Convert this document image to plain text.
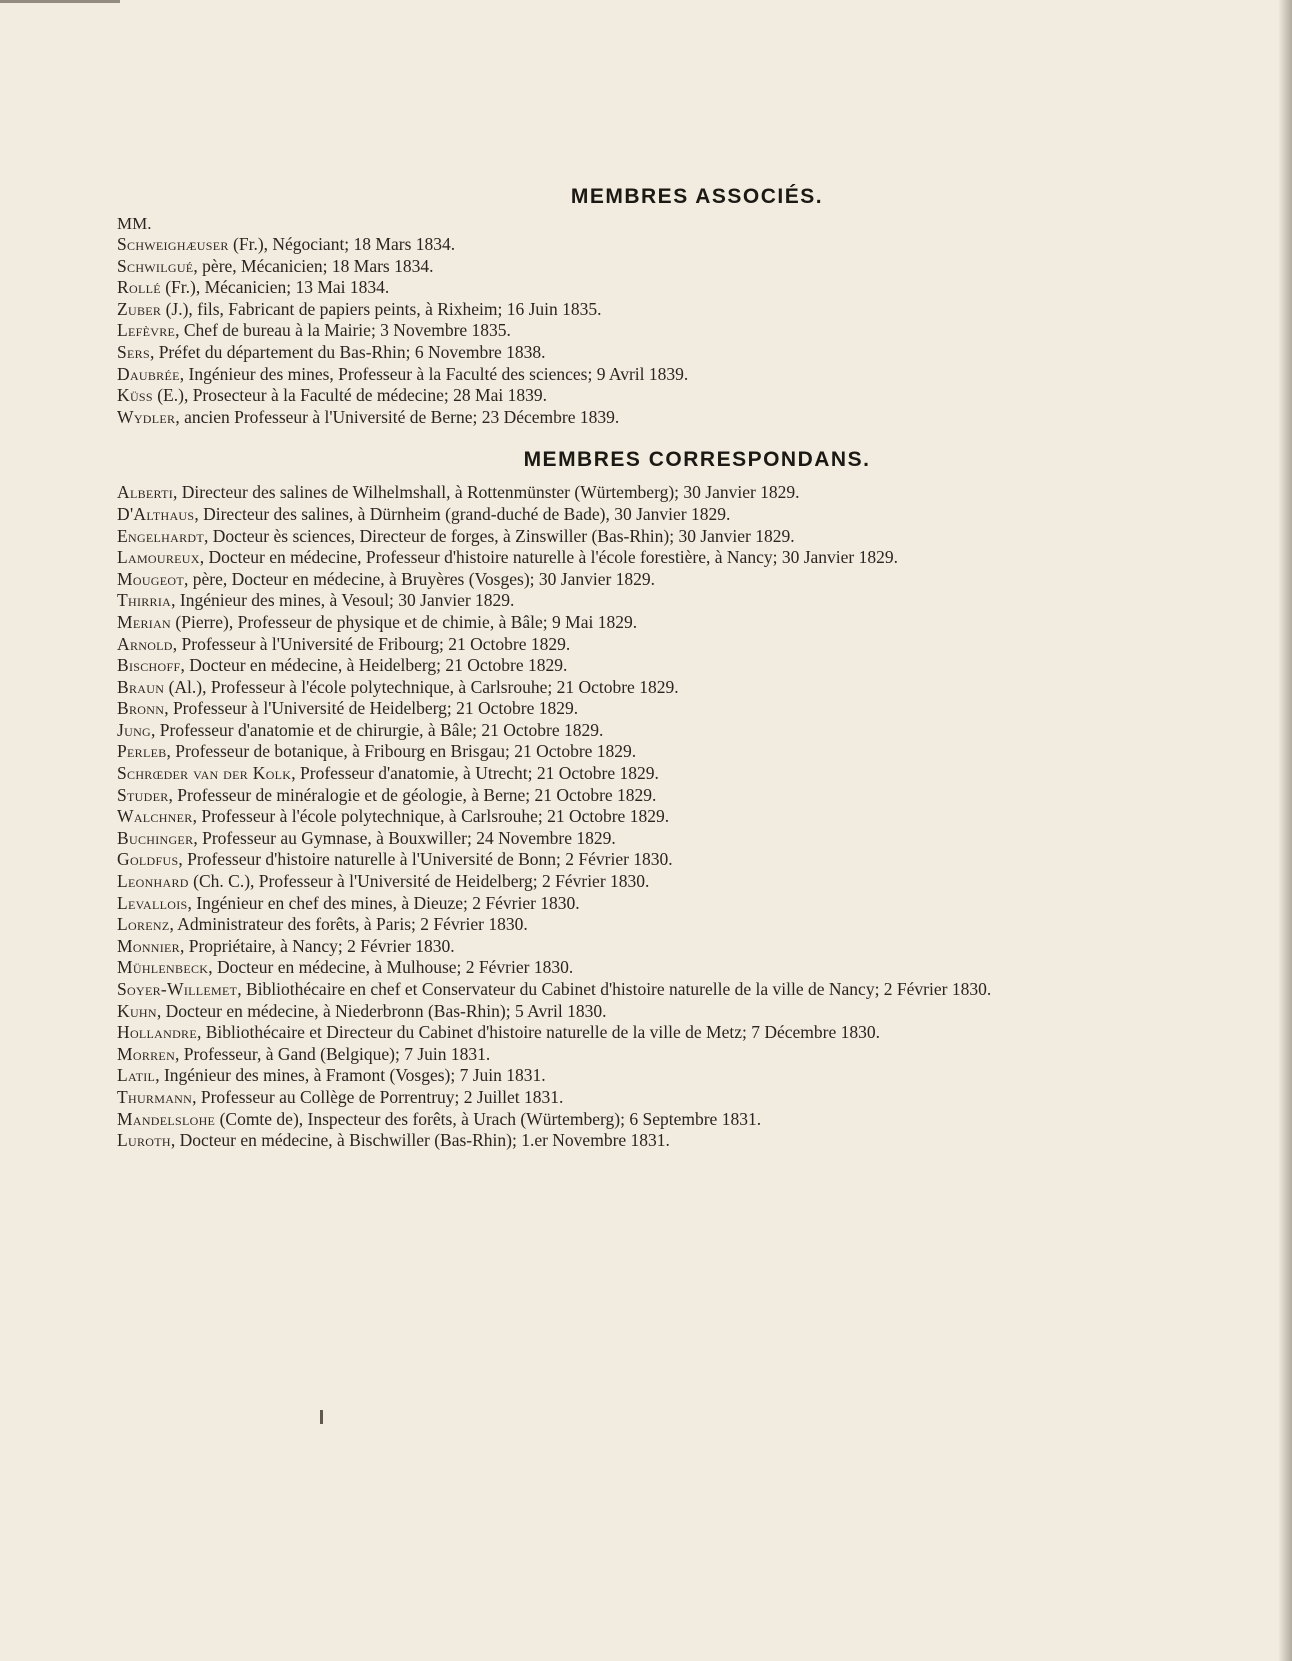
MEMBRES ASSOCIÉS.
MM.
Schweighæuser (Fr.), Négociant; 18 Mars 1834.
Schwilgué, père, Mécanicien; 18 Mars 1834.
Rollé (Fr.), Mécanicien; 13 Mai 1834.
Zuber (J.), fils, Fabricant de papiers peints, à Rixheim; 16 Juin 1835.
Lefèvre, Chef de bureau à la Mairie; 3 Novembre 1835.
Sers, Préfet du département du Bas-Rhin; 6 Novembre 1838.
Daubrée, Ingénieur des mines, Professeur à la Faculté des sciences; 9 Avril 1839.
Küss (E.), Prosecteur à la Faculté de médecine; 28 Mai 1839.
Wydler, ancien Professeur à l'Université de Berne; 23 Décembre 1839.
MEMBRES CORRESPONDANS.
Alberti, Directeur des salines de Wilhelmshall, à Rottenmünster (Würtemberg); 30 Janvier 1829.
D'Althaus, Directeur des salines, à Dürnheim (grand-duché de Bade), 30 Janvier 1829.
Engelhardt, Docteur ès sciences, Directeur de forges, à Zinswiller (Bas-Rhin); 30 Janvier 1829.
Lamoureux, Docteur en médecine, Professeur d'histoire naturelle à l'école forestière, à Nancy; 30 Janvier 1829.
Mougeot, père, Docteur en médecine, à Bruyères (Vosges); 30 Janvier 1829.
Thirria, Ingénieur des mines, à Vesoul; 30 Janvier 1829.
Merian (Pierre), Professeur de physique et de chimie, à Bâle; 9 Mai 1829.
Arnold, Professeur à l'Université de Fribourg; 21 Octobre 1829.
Bischoff, Docteur en médecine, à Heidelberg; 21 Octobre 1829.
Braun (Al.), Professeur à l'école polytechnique, à Carlsrouhe; 21 Octobre 1829.
Bronn, Professeur à l'Université de Heidelberg; 21 Octobre 1829.
Jung, Professeur d'anatomie et de chirurgie, à Bâle; 21 Octobre 1829.
Perleb, Professeur de botanique, à Fribourg en Brisgau; 21 Octobre 1829.
Schrœder van der Kolk, Professeur d'anatomie, à Utrecht; 21 Octobre 1829.
Studer, Professeur de minéralogie et de géologie, à Berne; 21 Octobre 1829.
Walchner, Professeur à l'école polytechnique, à Carlsrouhe; 21 Octobre 1829.
Buchinger, Professeur au Gymnase, à Bouxwiller; 24 Novembre 1829.
Goldfus, Professeur d'histoire naturelle à l'Université de Bonn; 2 Février 1830.
Leonhard (Ch. C.), Professeur à l'Université de Heidelberg; 2 Février 1830.
Levallois, Ingénieur en chef des mines, à Dieuze; 2 Février 1830.
Lorenz, Administrateur des forêts, à Paris; 2 Février 1830.
Monnier, Propriétaire, à Nancy; 2 Février 1830.
Mühlenbeck, Docteur en médecine, à Mulhouse; 2 Février 1830.
Soyer-Willemet, Bibliothécaire en chef et Conservateur du Cabinet d'histoire naturelle de la ville de Nancy; 2 Février 1830.
Kuhn, Docteur en médecine, à Niederbronn (Bas-Rhin); 5 Avril 1830.
Hollandre, Bibliothécaire et Directeur du Cabinet d'histoire naturelle de la ville de Metz; 7 Décembre 1830.
Morren, Professeur, à Gand (Belgique); 7 Juin 1831.
Latil, Ingénieur des mines, à Framont (Vosges); 7 Juin 1831.
Thurmann, Professeur au Collège de Porrentruy; 2 Juillet 1831.
Mandelslohe (Comte de), Inspecteur des forêts, à Urach (Würtemberg); 6 Septembre 1831.
Luroth, Docteur en médecine, à Bischwiller (Bas-Rhin); 1.er Novembre 1831.
